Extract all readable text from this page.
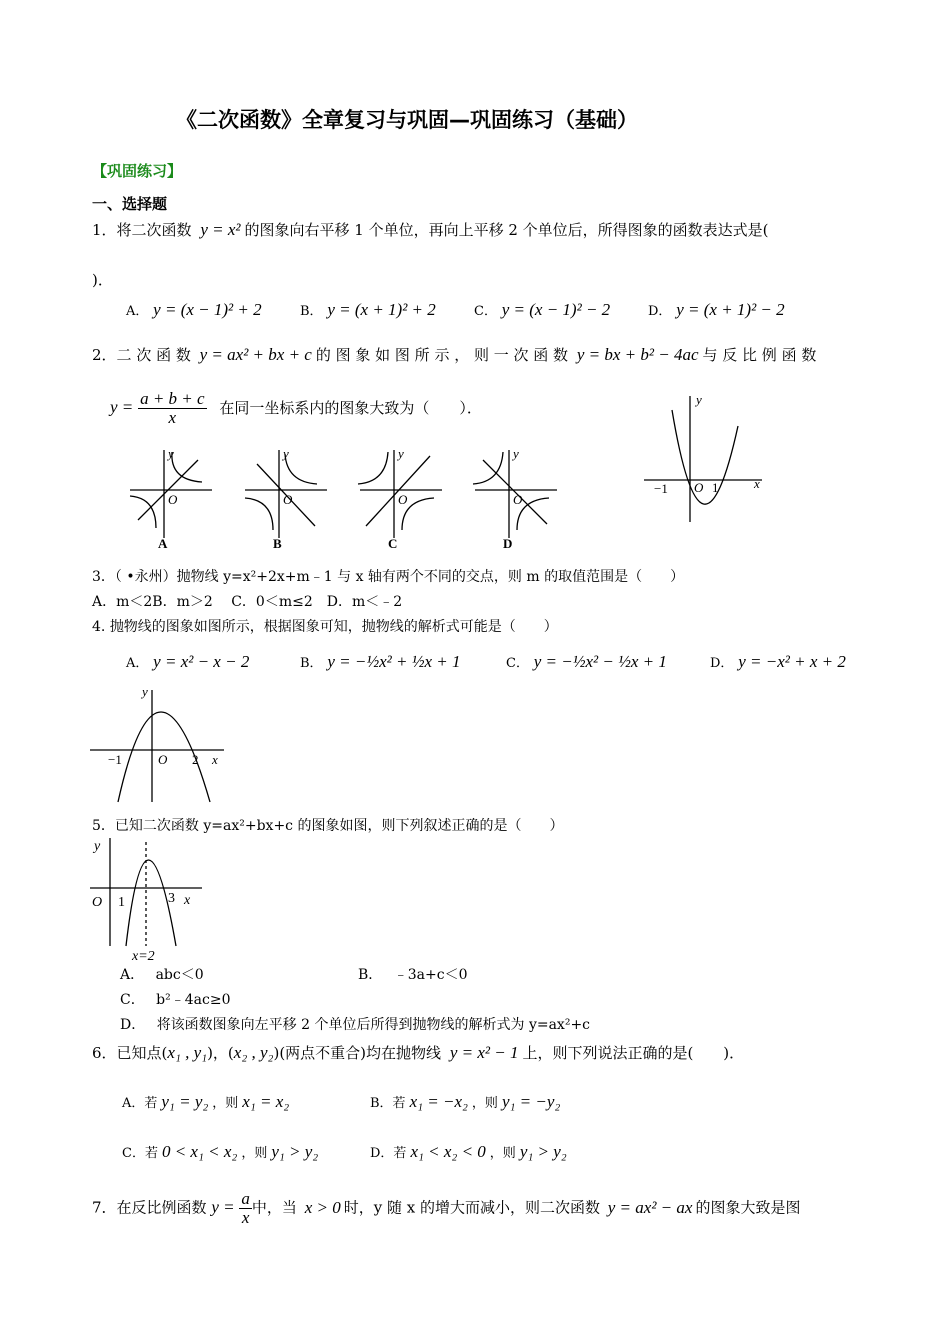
《二次函数》全章复习与巩固—巩固练习（基础）
【巩固练习】
一、选择题
1．将二次函数 y = x² 的图象向右平移 1 个单位，再向上平移 2 个单位后，所得图象的函数表达式是(
)．
A． y = (x − 1)² + 2	B． y = (x + 1)² + 2	C． y = (x − 1)² − 2	D． y = (x + 1)² − 2
2．二 次 函 数 y = ax² + bx + c 的 图 象 如 图 所 示 ， 则 一 次 函 数 y = bx + b² − 4ac 与 反 比 例 函 数
$y = \frac{a + b + c}{x}$ 在同一坐标系内的图象大致为（　　）．
y
O
y
O
y
O
y
O
A	B	C	D
y
x
−1 O 1
3．（ •永州）抛物线 y=x²+2x+m﹣1 与 x 轴有两个不同的交点，则 m 的取值范围是（　　）
A．m＜2B．m＞2　 C．0＜m≤2　D．m＜﹣2
4. 抛物线的图象如图所示，根据图象可知，抛物线的解析式可能是（　　）
A． y = x² − x − 2	B． y = −½x² + ½x + 1	C． y = −½x² − ½x + 1	D． y = −x² + x + 2
y
x
−1	O 2
5．已知二次函数 y=ax²+bx+c 的图象如图，则下列叙述正确的是（　　）
y
x
O 1	3
x=2
A．　 abc＜0	B．　 ﹣3a+c＜0
C．　 b²﹣4ac≥0
D．　 将该函数图象向左平移 2 个单位后所得到抛物线的解析式为 y=ax²+c
6．已知点(x₁ , y₁)，(x₂ , y₂)(两点不重合)均在抛物线 y = x² − 1 上，则下列说法正确的是(　　)．
A．若 y₁ = y₂ ，则 x₁ = x₂	B．若 x₁ = −x₂ ，则 y₁ = −y₂
C．若 0 < x₁ < x₂ ，则 y₁ > y₂	D．若 x₁ < x₂ < 0 ，则 y₁ > y₂
7．在反比例函数 $y = \frac{a}{x}$ 中，当 x > 0 时，y 随 x 的增大而减小，则二次函数 y = ax² − ax 的图象大致是图
